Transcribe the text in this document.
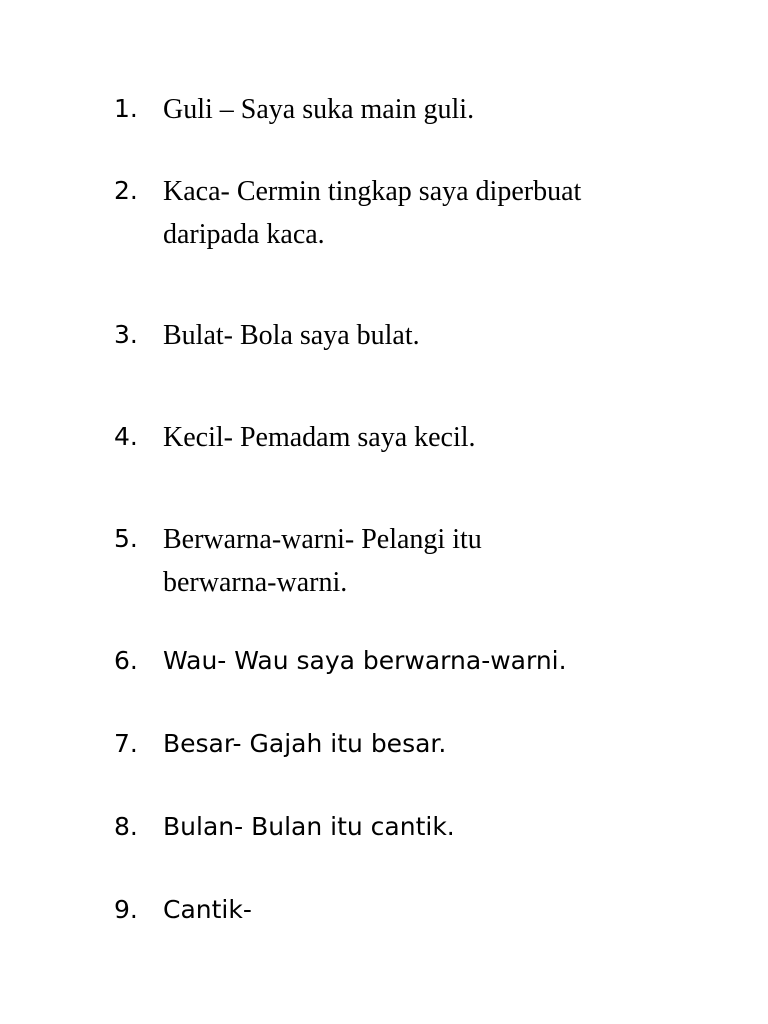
1. Guli – Saya suka main guli.
2. Kaca- Cermin tingkap saya diperbuat
daripada kaca.
3. Bulat- Bola saya bulat.
4. Kecil- Pemadam saya kecil.
5. Berwarna-warni- Pelangi itu
berwarna-warni.
6. Wau- Wau saya berwarna-warni.
7. Besar- Gajah itu besar.
8. Bulan- Bulan itu cantik.
9. Cantik-
